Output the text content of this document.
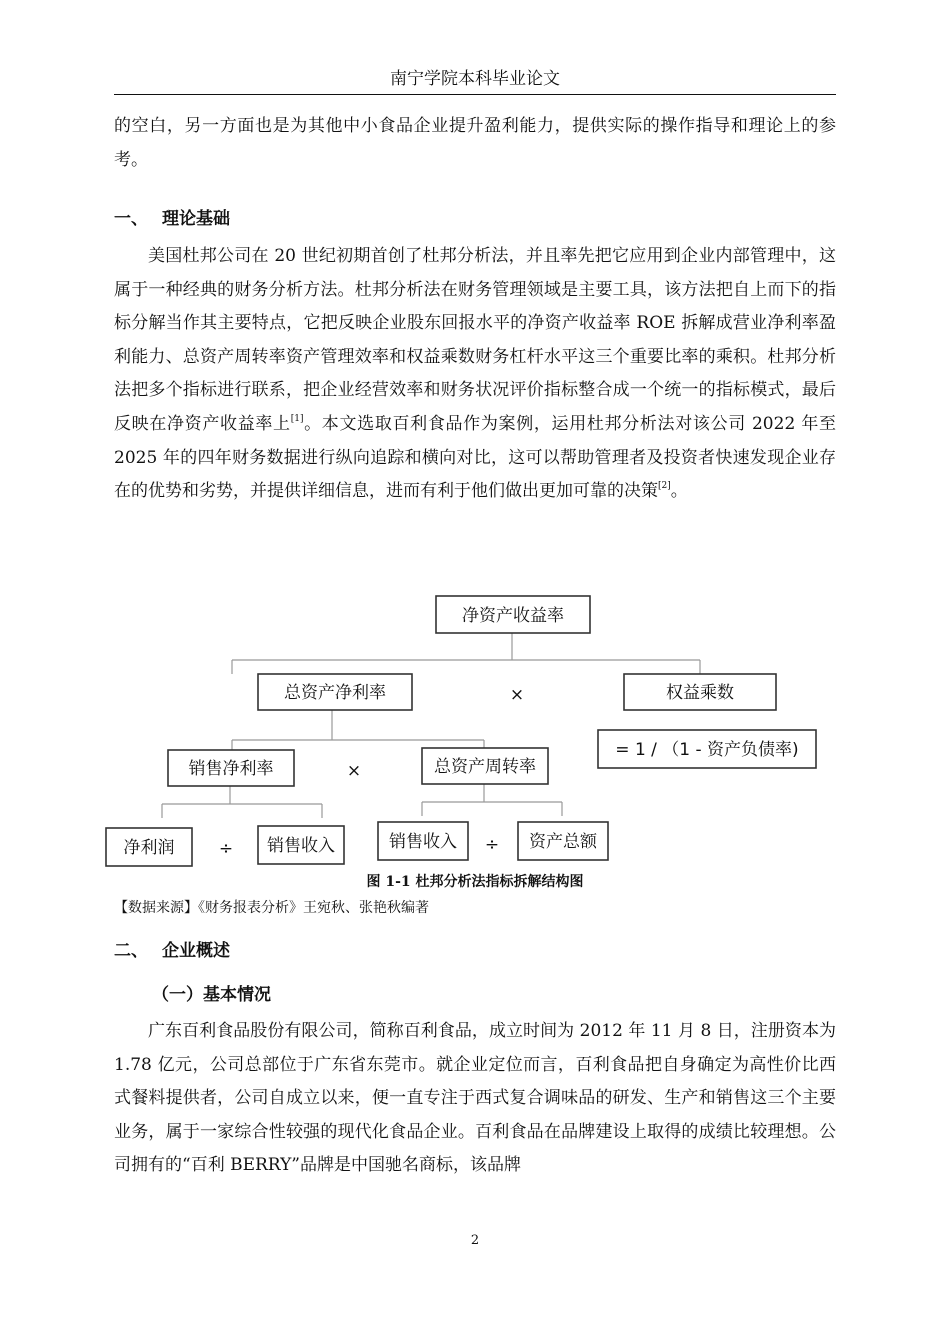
南宁学院本科毕业论文

的空白，另一方面也是为其他中小食品企业提升盈利能力，提供实际的操作指导和理论上的参考。

一、 理论基础

美国杜邦公司在 20 世纪初期首创了杜邦分析法，并且率先把它应用到企业内部管理中，这属于一种经典的财务分析方法。杜邦分析法在财务管理领域是主要工具，该方法把自上而下的指标分解当作其主要特点，它把反映企业股东回报水平的净资产收益率 ROE 拆解成营业净利率盈利能力、总资产周转率资产管理效率和权益乘数财务杠杆水平这三个重要比率的乘积。杜邦分析法把多个指标进行联系，把企业经营效率和财务状况评价指标整合成一个统一的指标模式，最后反映在净资产收益率上[1]。本文选取百利食品作为案例，运用杜邦分析法对该公司 2022 年至 2025 年的四年财务数据进行纵向追踪和横向对比，这可以帮助管理者及投资者快速发现企业存在的优势和劣势，并提供详细信息，进而有利于他们做出更加可靠的决策[2]。

净资产收益率
总资产净利率	×	权益乘数
= 1 / （1 - 资产负债率)
销售净利率	×	总资产周转率
净利润	÷ 销售收入	销售收入 ÷ 资产总额
图 1-1 杜邦分析法指标拆解结构图
【数据来源】《财务报表分析》王宛秋、张艳秋编著
二、 企业概述
（一）基本情况

广东百利食品股份有限公司，简称百利食品，成立时间为 2012 年 11 月 8 日，注册资本为 1.78 亿元，公司总部位于广东省东莞市。就企业定位而言，百利食品把自身确定为高性价比西式餐料提供者，公司自成立以来，便一直专注于西式复合调味品的研发、生产和销售这三个主要业务，属于一家综合性较强的现代化食品企业。百利食品在品牌建设上取得的成绩比较理想。公司拥有的“百利 BERRY”品牌是中国驰名商标，该品牌

2
